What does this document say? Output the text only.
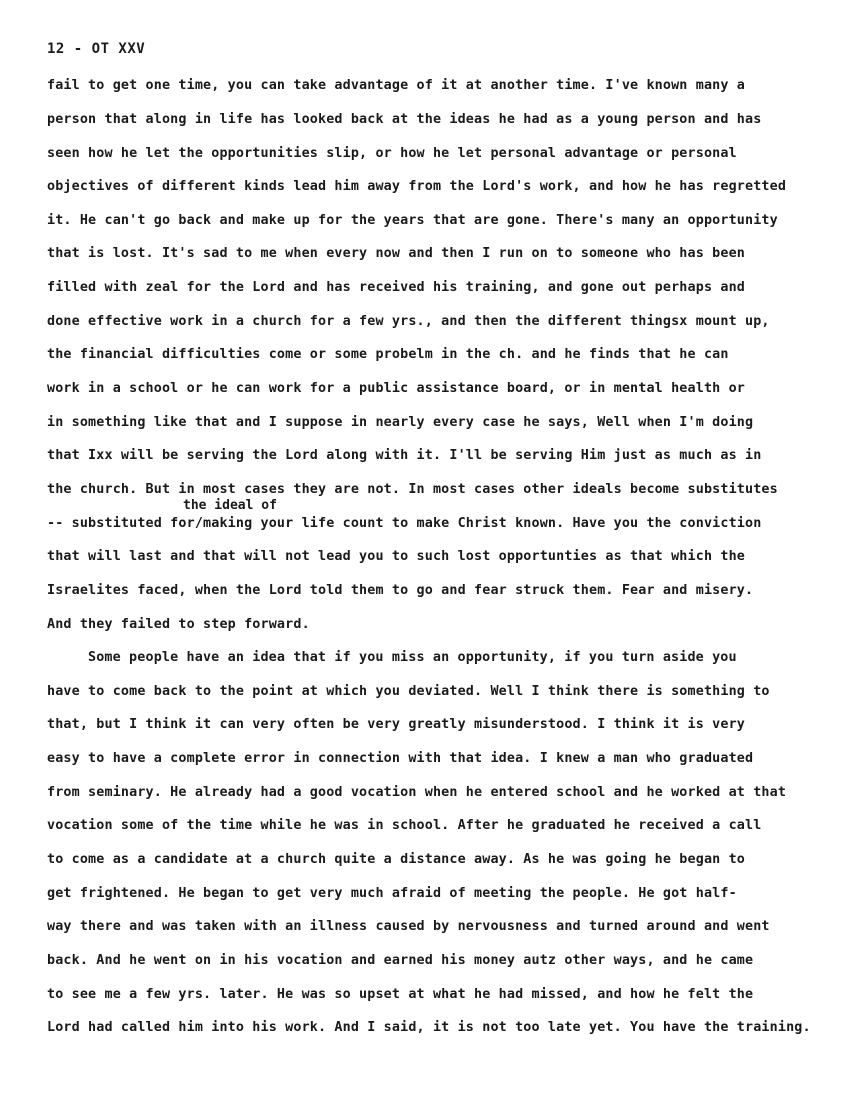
12 - OT XXV
the ideal of
fail to get one time, you can take advantage of it at another time. I've known many a
person that along in life has looked back at the ideas he had as a young person and has
seen how he let the opportunities slip, or how he let personal advantage or personal
objectives of different kinds lead him away from the Lord's work, and how he has regretted
it. He can't go back and make up for the years that are gone. There's many an opportunity
that is lost. It's sad to me when every now and then I run on to someone who has been
filled with zeal for the Lord and has received his training, and gone out perhaps and
done effective work in a church for a few yrs., and then the different thingsx mount up,
the financial difficulties come or some probelm in the ch. and he finds that he can
work in a school or he can work for a public assistance board, or in mental health or
in something like that and I suppose in nearly every case he says, Well when I'm doing
that Ixx will be serving the Lord along with it. I'll be serving Him just as much as in
the church. But in most cases they are not. In most cases other ideals become substitutes
-- substituted for/making your life count to make Christ known. Have you the conviction
that will last and that will not lead you to such lost opportunties as that which the
Israelites faced, when the Lord told them to go and fear struck them. Fear and misery.
And they failed to step forward.
Some people have an idea that if you miss an opportunity, if you turn aside you
have to come back to the point at which you deviated. Well I think there is something to
that, but I think it can very often be very greatly misunderstood. I think it is very
easy to have a complete error in connection with that idea. I knew a man who graduated
from seminary. He already had a good vocation when he entered school and he worked at that
vocation some of the time while he was in school. After he graduated he received a call
to come as a candidate at a church quite a distance away. As he was going he began to
get frightened. He began to get very much afraid of meeting the people. He got half-
way there and was taken with an illness caused by nervousness and turned around and went
back. And he went on in his vocation and earned his money autz other ways, and he came
to see me a few yrs. later. He was so upset at what he had missed, and how he felt the
Lord had called him into his work. And I said, it is not too late yet. You have the training.
